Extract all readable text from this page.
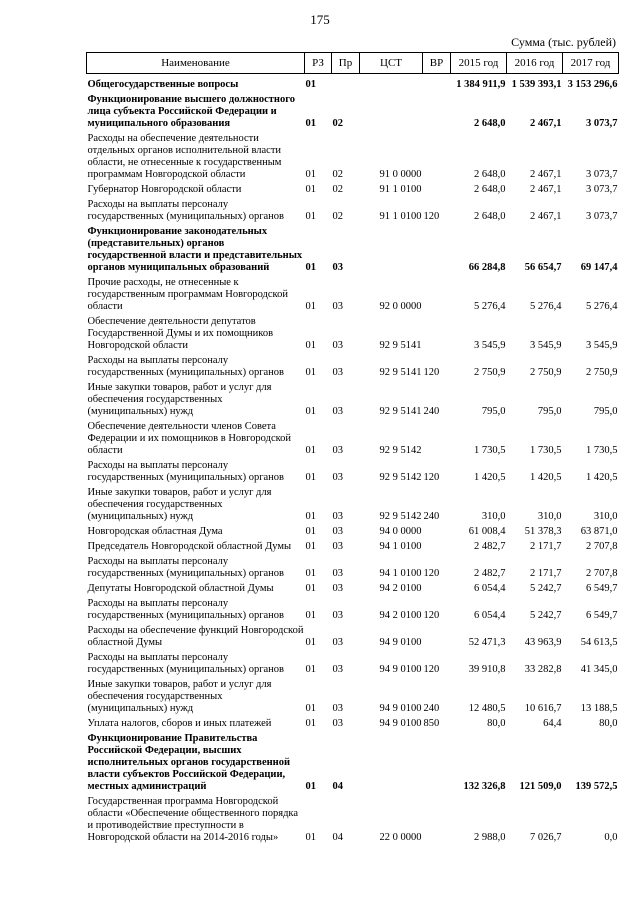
175
Сумма (тыс. рублей)
Наименование	РЗ	Пр	ЦСТ	ВР	2015 год	2016 год	2017 год
Общегосударственные вопросы	01				1 384 911,9	1 539 393,1	3 153 296,6
Функционирование высшего должностного лица субъекта Российской Федерации и муниципального образования	01	02			2 648,0	2 467,1	3 073,7
Расходы на обеспечение деятельности отдельных органов исполнительной власти области, не отнесенные к государственным программам Новгородской области	01	02	91 0 0000		2 648,0	2 467,1	3 073,7
Губернатор Новгородской области	01	02	91 1 0100		2 648,0	2 467,1	3 073,7
Расходы на выплаты персоналу государственных (муниципальных) органов	01	02	91 1 0100	120	2 648,0	2 467,1	3 073,7
Функционирование законодательных (представительных) органов государственной власти и представительных органов муниципальных образований	01	03			66 284,8	56 654,7	69 147,4
Прочие расходы, не отнесенные к государственным программам Новгородской области	01	03	92 0 0000		5 276,4	5 276,4	5 276,4
Обеспечение деятельности депутатов Государственной Думы и их помощников Новгородской области	01	03	92 9 5141		3 545,9	3 545,9	3 545,9
Расходы на выплаты персоналу государственных (муниципальных) органов	01	03	92 9 5141	120	2 750,9	2 750,9	2 750,9
Иные закупки товаров, работ и услуг для обеспечения государственных (муниципальных) нужд	01	03	92 9 5141	240	795,0	795,0	795,0
Обеспечение деятельности членов Совета Федерации и их помощников в Новгородской области	01	03	92 9 5142		1 730,5	1 730,5	1 730,5
Расходы на выплаты персоналу государственных (муниципальных) органов	01	03	92 9 5142	120	1 420,5	1 420,5	1 420,5
Иные закупки товаров, работ и услуг для обеспечения государственных (муниципальных) нужд	01	03	92 9 5142	240	310,0	310,0	310,0
Новгородская областная Дума	01	03	94 0 0000		61 008,4	51 378,3	63 871,0
Председатель Новгородской областной Думы	01	03	94 1 0100		2 482,7	2 171,7	2 707,8
Расходы на выплаты персоналу государственных (муниципальных) органов	01	03	94 1 0100	120	2 482,7	2 171,7	2 707,8
Депутаты Новгородской областной Думы	01	03	94 2 0100		6 054,4	5 242,7	6 549,7
Расходы на выплаты персоналу государственных (муниципальных) органов	01	03	94 2 0100	120	6 054,4	5 242,7	6 549,7
Расходы на обеспечение функций Новгородской областной Думы	01	03	94 9 0100		52 471,3	43 963,9	54 613,5
Расходы на выплаты персоналу государственных (муниципальных) органов	01	03	94 9 0100	120	39 910,8	33 282,8	41 345,0
Иные закупки товаров, работ и услуг для обеспечения государственных (муниципальных) нужд	01	03	94 9 0100	240	12 480,5	10 616,7	13 188,5
Уплата налогов, сборов и иных платежей	01	03	94 9 0100	850	80,0	64,4	80,0
Функционирование Правительства Российской Федерации, высших исполнительных органов государственной власти субъектов Российской Федерации, местных администраций	01	04			132 326,8	121 509,0	139 572,5
Государственная программа Новгородской области «Обеспечение общественного порядка и противодействие преступности в Новгородской области на 2014-2016 годы»	01	04	22 0 0000		2 988,0	7 026,7	0,0
